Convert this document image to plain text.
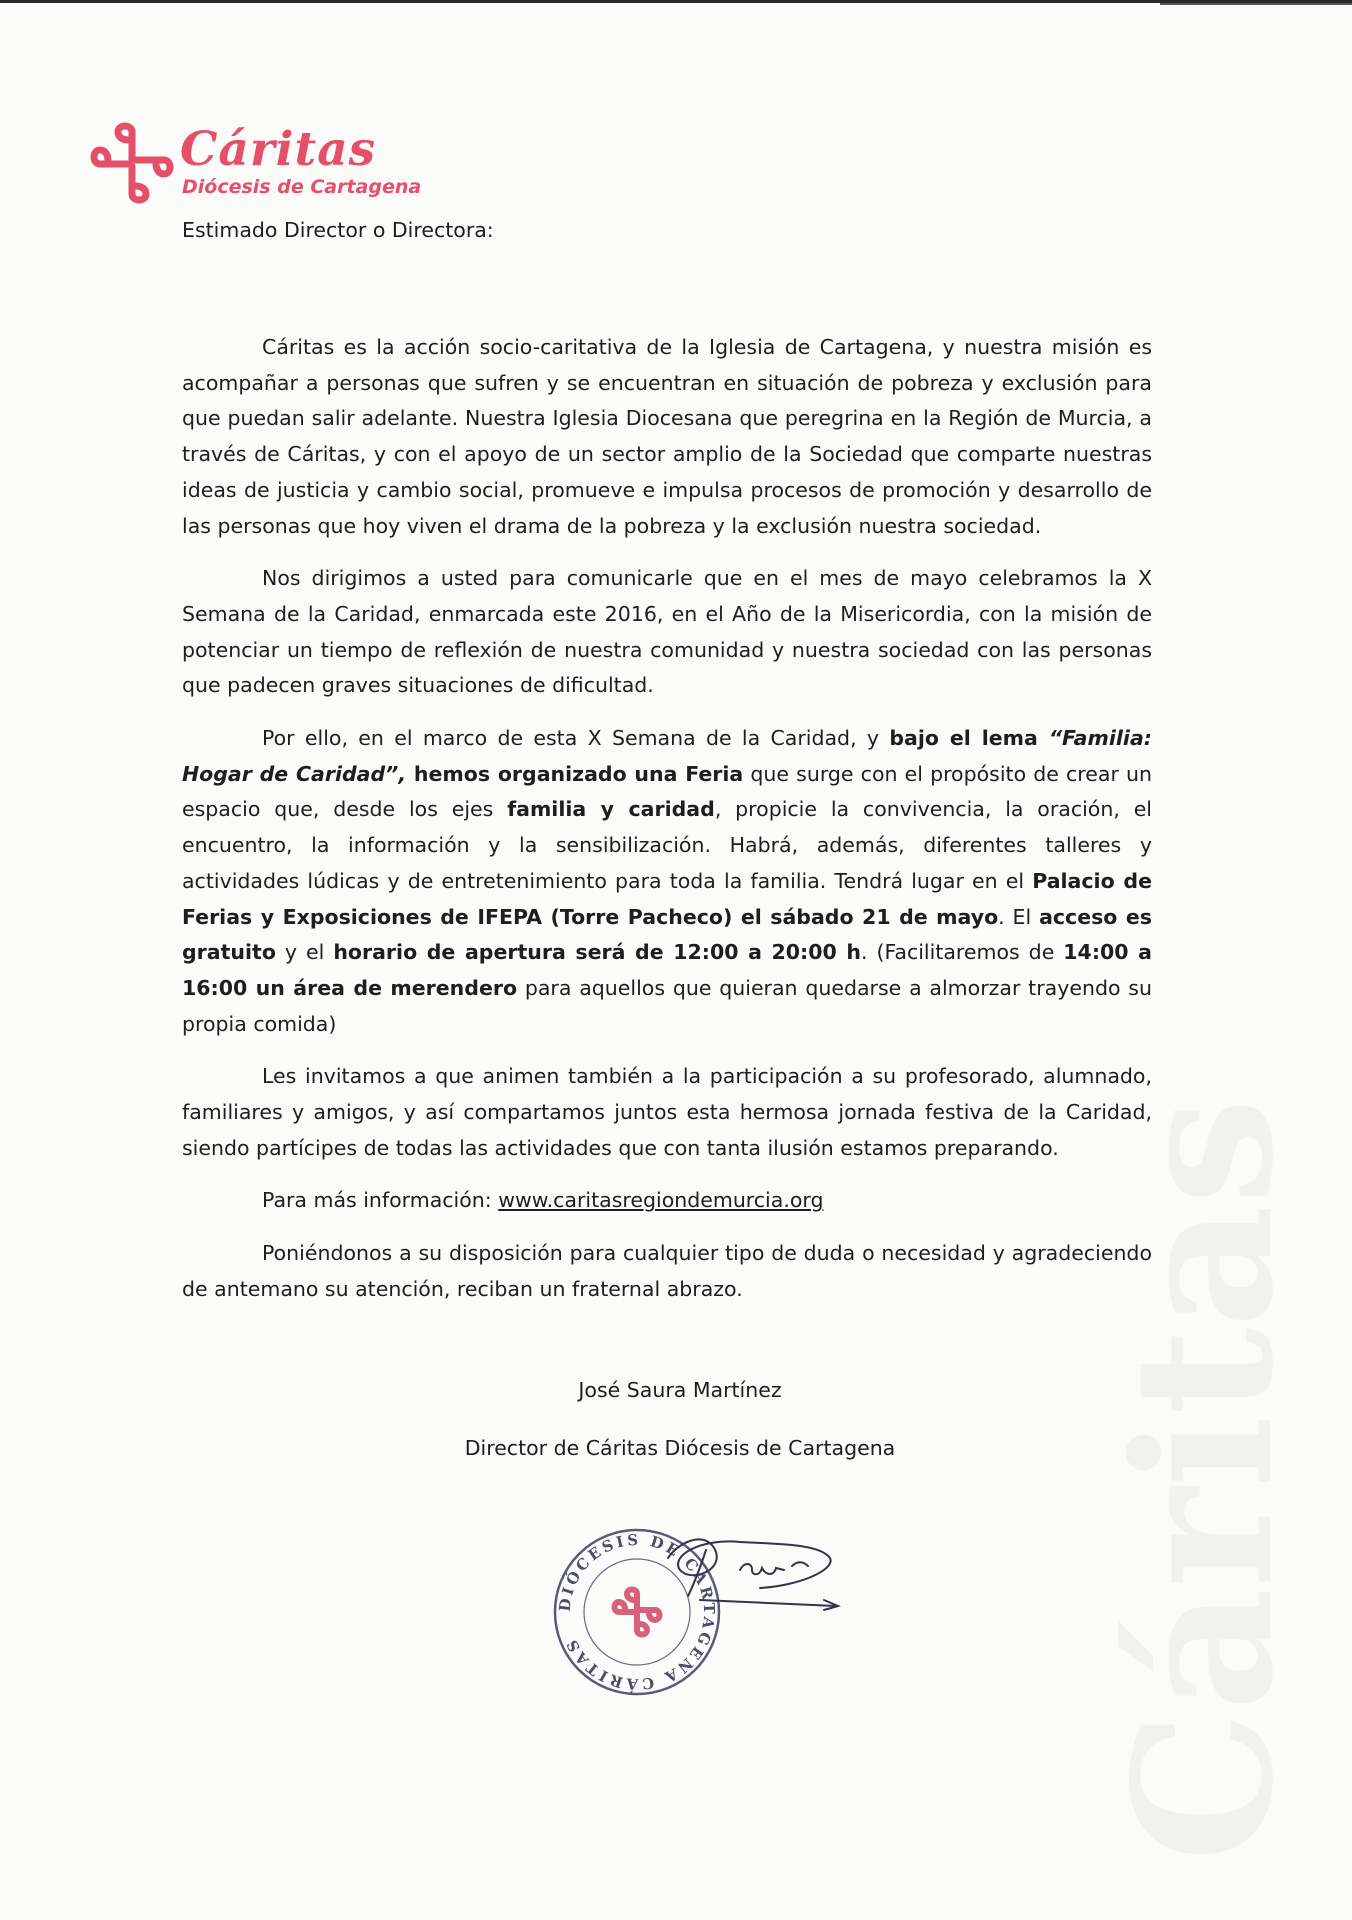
Cáritas
Diócesis de Cartagena
Estimado Director o Directora:

Cáritas es la acción socio-caritativa de la Iglesia de Cartagena, y nuestra misión es acompañar a personas que sufren y se encuentran en situación de pobreza y exclusión para que puedan salir adelante. Nuestra Iglesia Diocesana que peregrina en la Región de Murcia, a través de Cáritas, y con el apoyo de un sector amplio de la Sociedad que comparte nuestras ideas de justicia y cambio social, promueve e impulsa procesos de promoción y desarrollo de las personas que hoy viven el drama de la pobreza y la exclusión nuestra sociedad.

Nos dirigimos a usted para comunicarle que en el mes de mayo celebramos la X Semana de la Caridad, enmarcada este 2016, en el Año de la Misericordia, con la misión de potenciar un tiempo de reflexión de nuestra comunidad y nuestra sociedad con las personas que padecen graves situaciones de dificultad.

Por ello, en el marco de esta X Semana de la Caridad, y bajo el lema “Familia: Hogar de Caridad”, hemos organizado una Feria que surge con el propósito de crear un espacio que, desde los ejes familia y caridad, propicie la convivencia, la oración, el encuentro, la información y la sensibilización. Habrá, además, diferentes talleres y actividades lúdicas y de entretenimiento para toda la familia. Tendrá lugar en el Palacio de Ferias y Exposiciones de IFEPA (Torre Pacheco) el sábado 21 de mayo. El acceso es gratuito y el horario de apertura será de 12:00 a 20:00 h. (Facilitaremos de 14:00 a 16:00 un área de merendero para aquellos que quieran quedarse a almorzar trayendo su propia comida)

Les invitamos a que animen también a la participación a su profesorado, alumnado, familiares y amigos, y así compartamos juntos esta hermosa jornada festiva de la Caridad, siendo partícipes de todas las actividades que con tanta ilusión estamos preparando.

Para más información: www.caritasregiondemurcia.org

Poniéndonos a su disposición para cualquier tipo de duda o necesidad y agradeciendo de antemano su atención, reciban un fraternal abrazo.

José Saura Martínez
Director de Cáritas Diócesis de Cartagena
DIÓCESIS DE CARTAGENA CÁRITAS	Cáritas
